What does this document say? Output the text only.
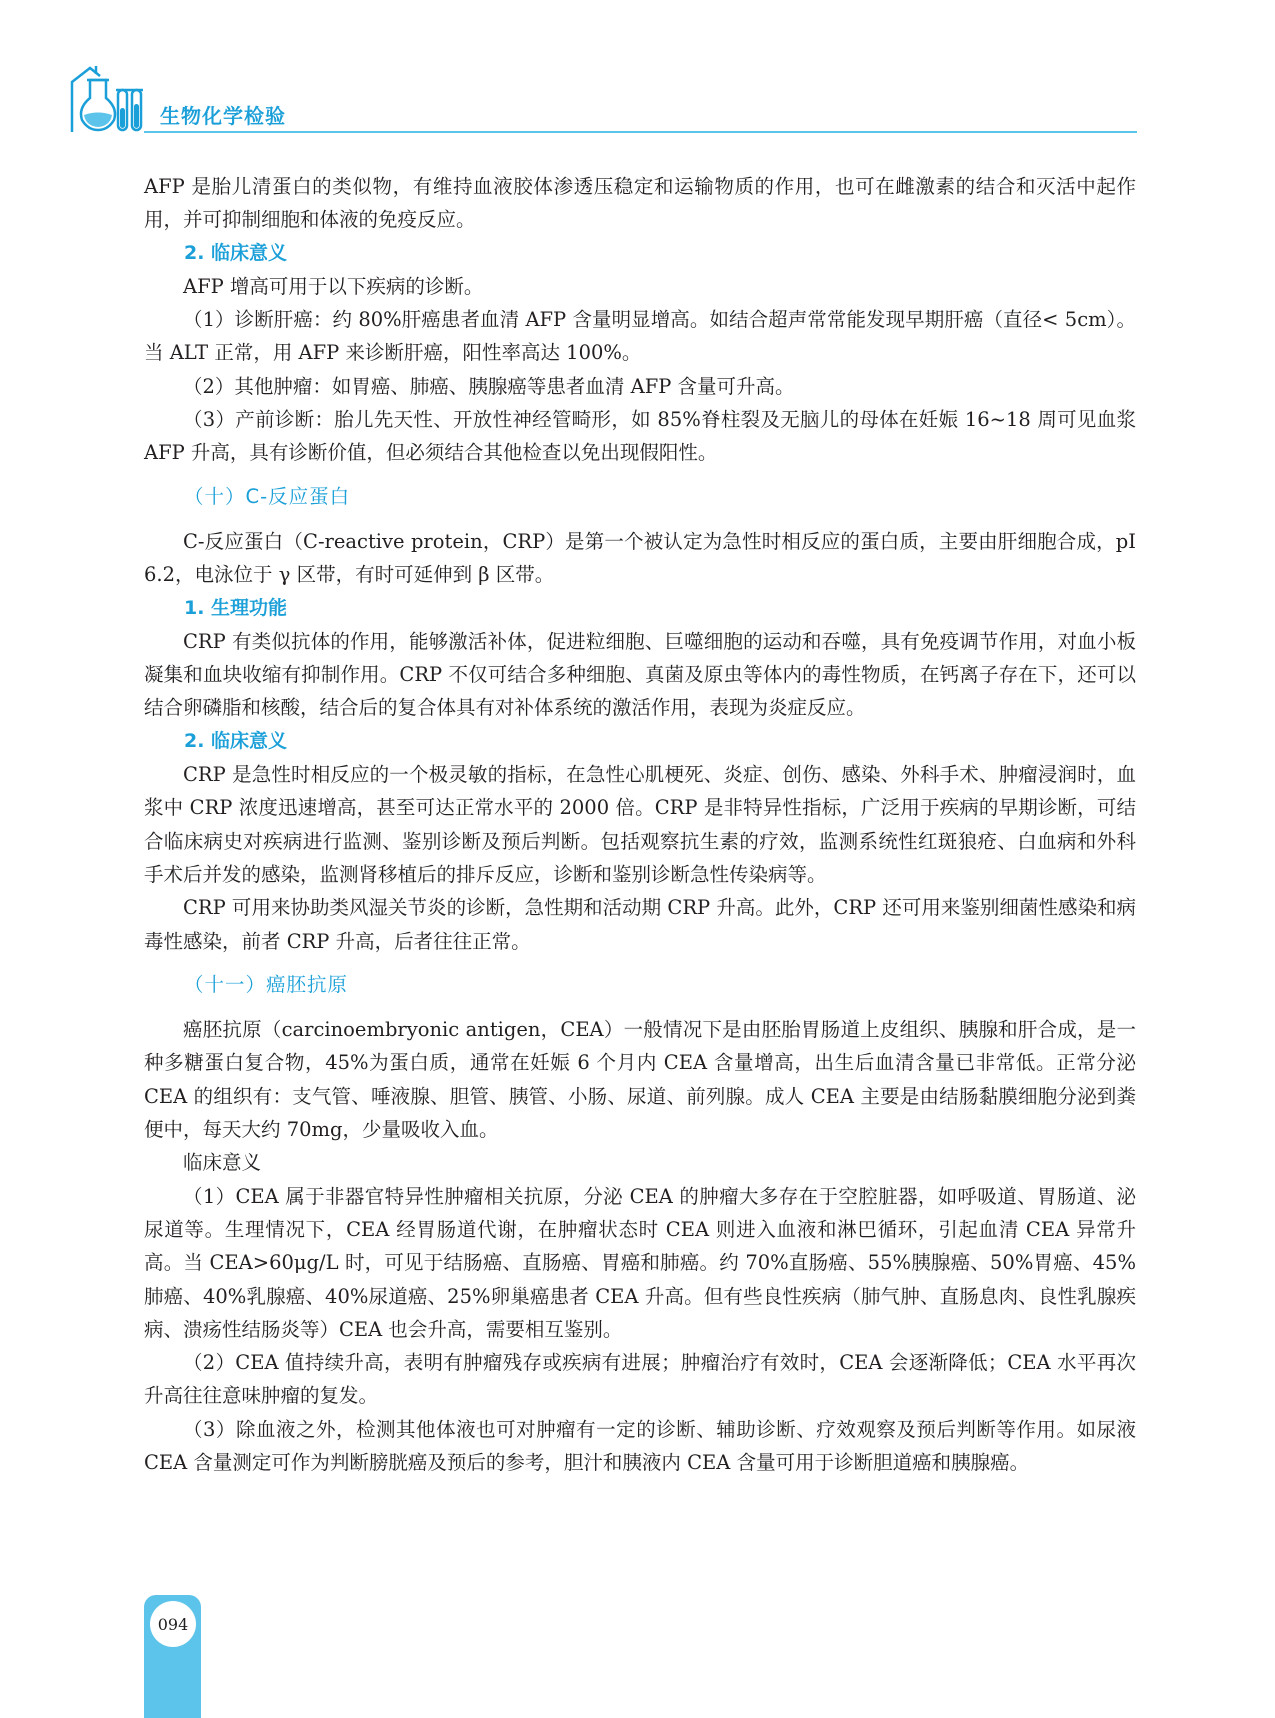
生物化学检验

AFP 是胎儿清蛋白的类似物，有维持血液胶体渗透压稳定和运输物质的作用，也可在雌激素的结合和灭活中起作用，并可抑制细胞和体液的免疫反应。

2. 临床意义

AFP 增高可用于以下疾病的诊断。

（1）诊断肝癌：约 80%肝癌患者血清 AFP 含量明显增高。如结合超声常常能发现早期肝癌（直径< 5cm）。当 ALT 正常，用 AFP 来诊断肝癌，阳性率高达 100%。

（2）其他肿瘤：如胃癌、肺癌、胰腺癌等患者血清 AFP 含量可升高。

（3）产前诊断：胎儿先天性、开放性神经管畸形，如 85%脊柱裂及无脑儿的母体在妊娠 16~18 周可见血浆 AFP 升高，具有诊断价值，但必须结合其他检查以免出现假阳性。

（十）C-反应蛋白

C-反应蛋白（C-reactive protein，CRP）是第一个被认定为急性时相反应的蛋白质，主要由肝细胞合成，pI 6.2，电泳位于 γ 区带，有时可延伸到 β 区带。

1. 生理功能

CRP 有类似抗体的作用，能够激活补体，促进粒细胞、巨噬细胞的运动和吞噬，具有免疫调节作用，对血小板凝集和血块收缩有抑制作用。CRP 不仅可结合多种细胞、真菌及原虫等体内的毒性物质，在钙离子存在下，还可以结合卵磷脂和核酸，结合后的复合体具有对补体系统的激活作用，表现为炎症反应。

2. 临床意义

CRP 是急性时相反应的一个极灵敏的指标，在急性心肌梗死、炎症、创伤、感染、外科手术、肿瘤浸润时，血浆中 CRP 浓度迅速增高，甚至可达正常水平的 2000 倍。CRP 是非特异性指标，广泛用于疾病的早期诊断，可结合临床病史对疾病进行监测、鉴别诊断及预后判断。包括观察抗生素的疗效，监测系统性红斑狼疮、白血病和外科手术后并发的感染，监测肾移植后的排斥反应，诊断和鉴别诊断急性传染病等。

CRP 可用来协助类风湿关节炎的诊断，急性期和活动期 CRP 升高。此外，CRP 还可用来鉴别细菌性感染和病毒性感染，前者 CRP 升高，后者往往正常。

（十一）癌胚抗原

癌胚抗原（carcinoembryonic antigen，CEA）一般情况下是由胚胎胃肠道上皮组织、胰腺和肝合成，是一种多糖蛋白复合物，45%为蛋白质，通常在妊娠 6 个月内 CEA 含量增高，出生后血清含量已非常低。正常分泌 CEA 的组织有：支气管、唾液腺、胆管、胰管、小肠、尿道、前列腺。成人 CEA 主要是由结肠黏膜细胞分泌到粪便中，每天大约 70mg，少量吸收入血。

临床意义

（1）CEA 属于非器官特异性肿瘤相关抗原，分泌 CEA 的肿瘤大多存在于空腔脏器，如呼吸道、胃肠道、泌尿道等。生理情况下，CEA 经胃肠道代谢，在肿瘤状态时 CEA 则进入血液和淋巴循环，引起血清 CEA 异常升高。当 CEA>60μg/L 时，可见于结肠癌、直肠癌、胃癌和肺癌。约 70%直肠癌、55%胰腺癌、50%胃癌、45%肺癌、40%乳腺癌、40%尿道癌、25%卵巢癌患者 CEA 升高。但有些良性疾病（肺气肿、直肠息肉、良性乳腺疾病、溃疡性结肠炎等）CEA 也会升高，需要相互鉴别。

（2）CEA 值持续升高，表明有肿瘤残存或疾病有进展；肿瘤治疗有效时，CEA 会逐渐降低；CEA 水平再次升高往往意味肿瘤的复发。

（3）除血液之外，检测其他体液也可对肿瘤有一定的诊断、辅助诊断、疗效观察及预后判断等作用。如尿液 CEA 含量测定可作为判断膀胱癌及预后的参考，胆汁和胰液内 CEA 含量可用于诊断胆道癌和胰腺癌。

094
